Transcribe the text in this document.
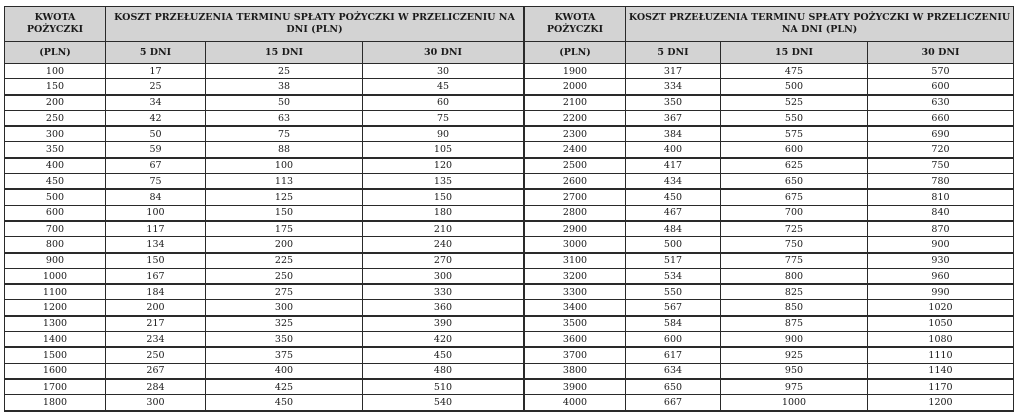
KWOTA POŻYCZKI	KOSZT PRZEŁUZENIA TERMINU SPŁATY POŻYCZKI W PRZELICZENIU NA DNI (PLN)		
(PLN)	5 DNI	15 DNI	30 DNI
100	17	25	30
150	25	38	45
200	34	50	60
250	42	63	75
300	50	75	90
350	59	88	105
400	67	100	120
450	75	113	135
500	84	125	150
600	100	150	180
700	117	175	210
800	134	200	240
900	150	225	270
1000	167	250	300
1100	184	275	330
1200	200	300	360
1300	217	325	390
1400	234	350	420
1500	250	375	450
1600	267	400	480
1700	284	425	510
1800	300	450	540
KWOTA POŻYCZKI	KOSZT PRZEŁUZENIA TERMINU SPŁATY POŻYCZKI W PRZELICZENIU NA DNI (PLN)		
(PLN)	5 DNI	15 DNI	30 DNI
1900	317	475	570
2000	334	500	600
2100	350	525	630
2200	367	550	660
2300	384	575	690
2400	400	600	720
2500	417	625	750
2600	434	650	780
2700	450	675	810
2800	467	700	840
2900	484	725	870
3000	500	750	900
3100	517	775	930
3200	534	800	960
3300	550	825	990
3400	567	850	1020
3500	584	875	1050
3600	600	900	1080
3700	617	925	1110
3800	634	950	1140
3900	650	975	1170
4000	667	1000	1200
